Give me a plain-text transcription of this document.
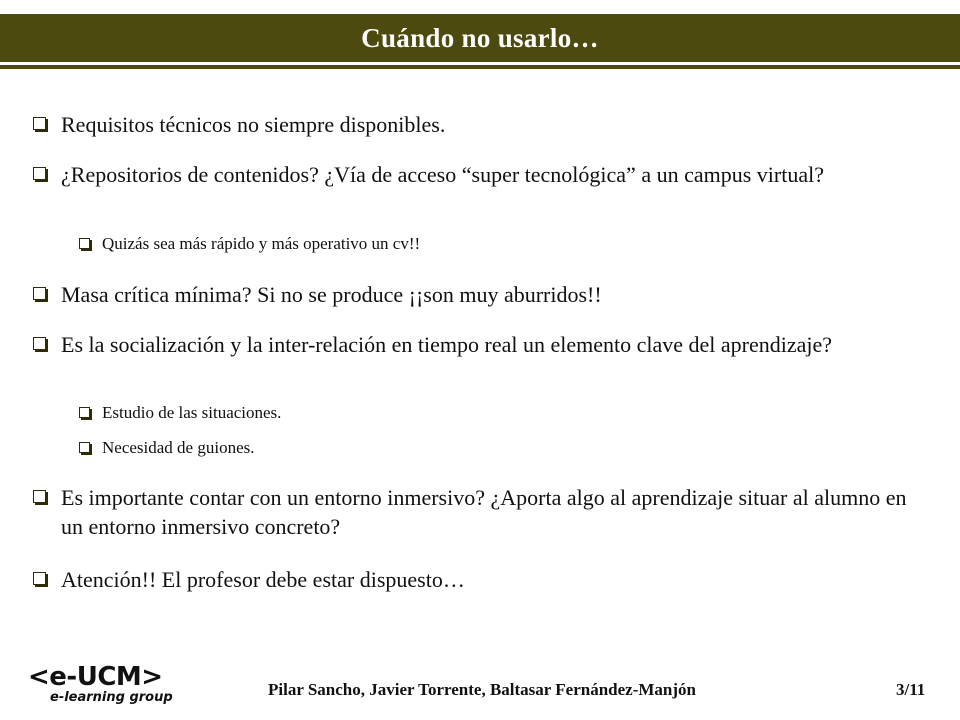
Cuándo no usarlo…
Requisitos técnicos no siempre disponibles.
¿Repositorios de contenidos? ¿Vía de acceso “super tecnológica” a un campus virtual?
Quizás sea más rápido y más operativo un cv!!
Masa crítica mínima? Si no se produce ¡¡son muy aburridos!!
Es la socialización y la inter-relación en tiempo real un elemento clave del aprendizaje?
Estudio de las situaciones.
Necesidad de guiones.
Es importante contar con un entorno inmersivo? ¿Aporta algo al aprendizaje situar al alumno en un entorno inmersivo concreto?
Atención!! El profesor debe estar dispuesto…
<e-UCM>
e-learning group	Pilar Sancho, Javier Torrente, Baltasar Fernández-Manjón	3/11
